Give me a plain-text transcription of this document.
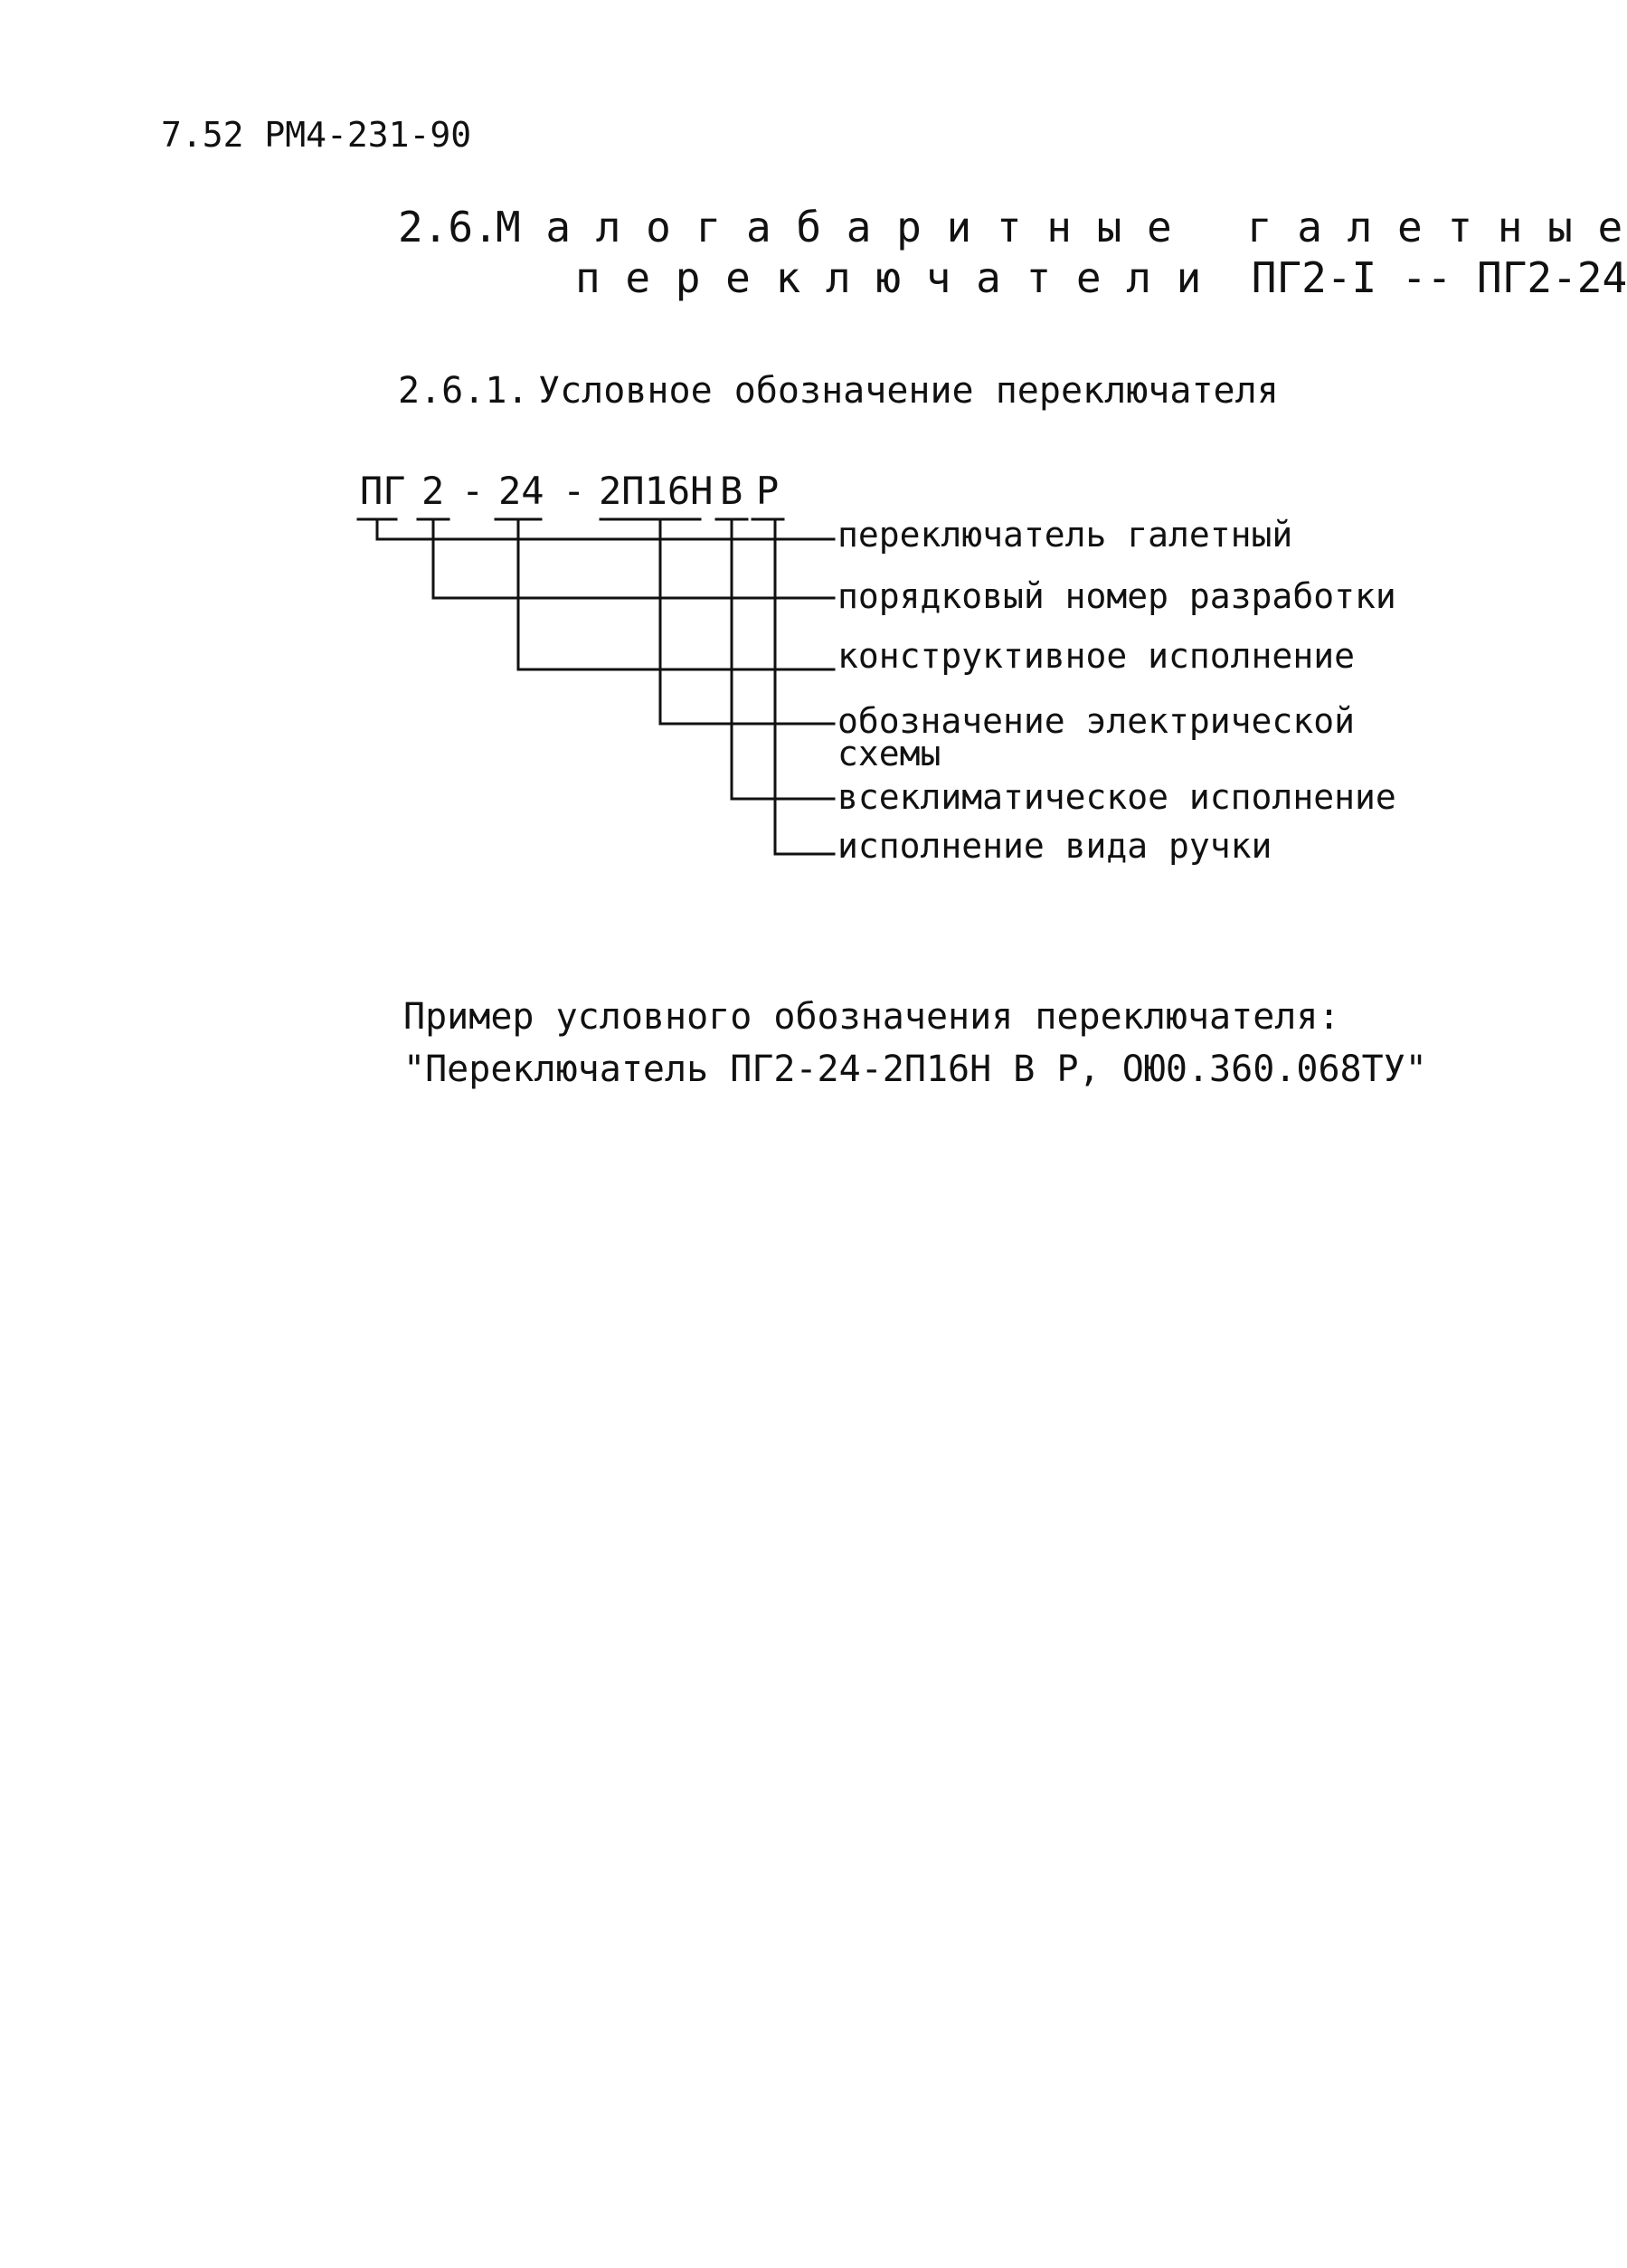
7.52 РМ4-231-90
2.6.
М а л о г а б а р и т н ы е   г а л е т н ы е
п е р е к л ю ч а т е л и  ПГ2-I -- ПГ2-24
2.6.1. Условное обозначение переключателя
ПГ 2 - 24 - 2П16Н В Р
переключатель галетный
порядковый номер разработки
конструктивное исполнение
обозначение электрической
схемы
всеклиматическое исполнение
исполнение вида ручки
Пример условного обозначения переключателя:
"Переключатель ПГ2-24-2П16Н В Р, ОЮ0.360.068ТУ"
